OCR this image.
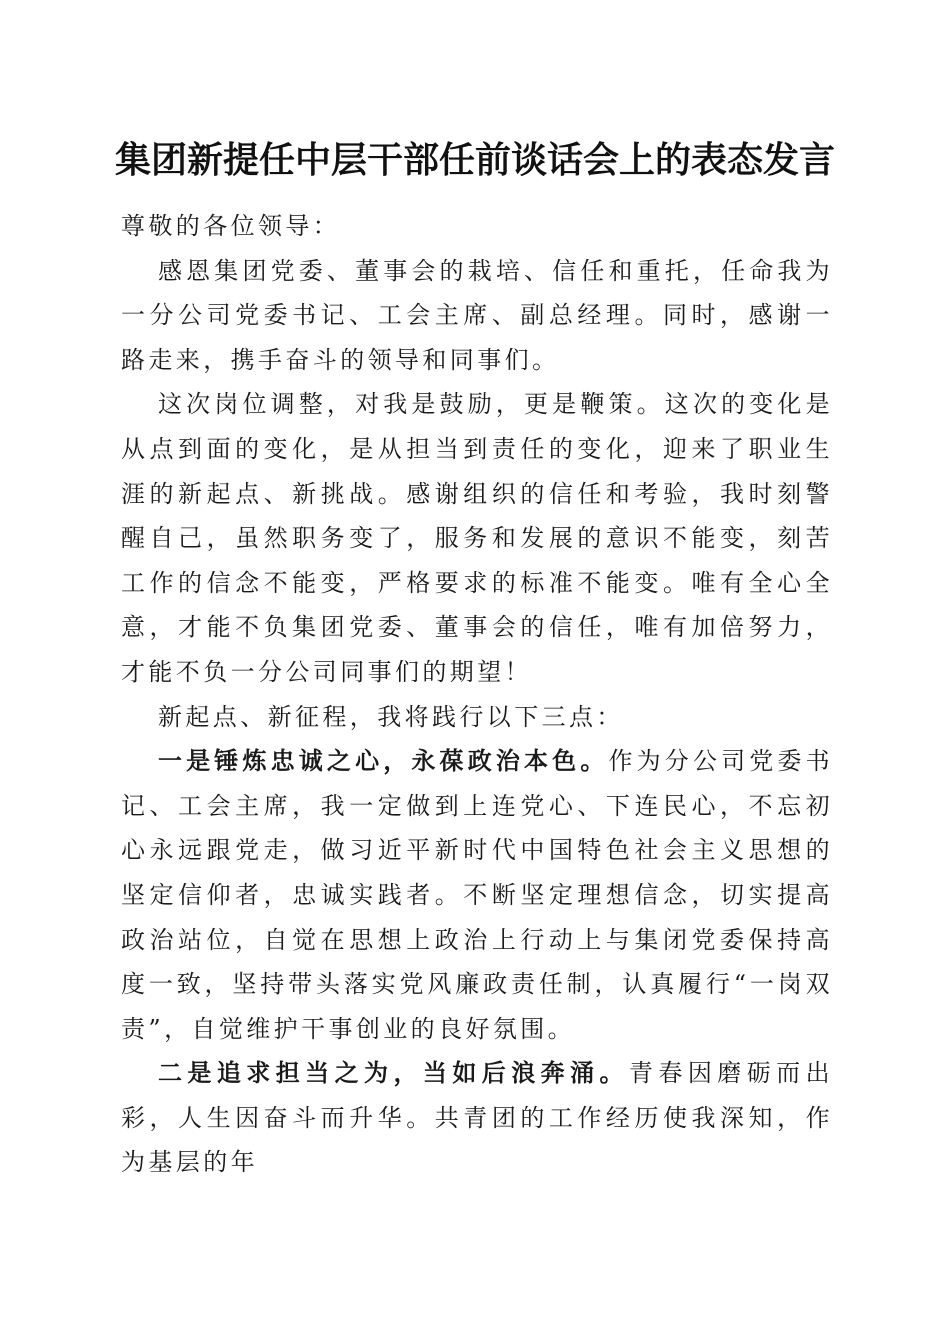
集团新提任中层干部任前谈话会上的表态发言

尊敬的各位领导：

感恩集团党委、董事会的栽培、信任和重托，任命我为一分公司党委书记、工会主席、副总经理。同时，感谢一路走来，携手奋斗的领导和同事们。

这次岗位调整，对我是鼓励，更是鞭策。这次的变化是从点到面的变化，是从担当到责任的变化，迎来了职业生涯的新起点、新挑战。感谢组织的信任和考验，我时刻警醒自己，虽然职务变了，服务和发展的意识不能变，刻苦工作的信念不能变，严格要求的标准不能变。唯有全心全意，才能不负集团党委、董事会的信任，唯有加倍努力，才能不负一分公司同事们的期望！

新起点、新征程，我将践行以下三点：

一是锤炼忠诚之心，永葆政治本色。作为分公司党委书记、工会主席，我一定做到上连党心、下连民心，不忘初心永远跟党走，做习近平新时代中国特色社会主义思想的坚定信仰者，忠诚实践者。不断坚定理想信念，切实提高政治站位，自觉在思想上政治上行动上与集闭党委保持高度一致，坚持带头落实党风廉政责任制，认真履行“一岗双责”，自觉维护干事创业的良好氛围。

二是追求担当之为，当如后浪奔涌。青春因磨砺而出彩，人生因奋斗而升华。共青团的工作经历使我深知，作为基层的年
